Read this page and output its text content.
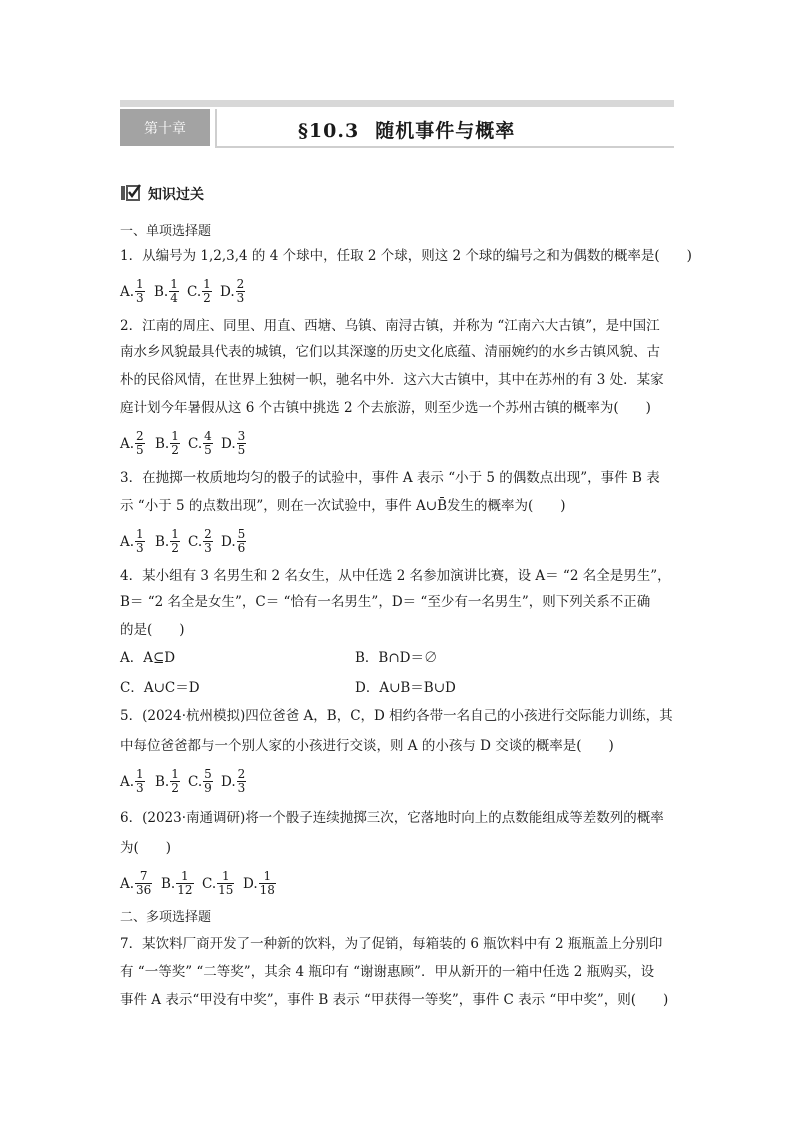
第十章	§10.3 随机事件与概率
知识过关
一、单项选择题
1．从编号为 1,2,3,4 的 4 个球中，任取 2 个球，则这 2 个球的编号之和为偶数的概率是(　　)
A. $\frac{1}{3} B$. $\frac{1}{4} C$. $\frac{1}{2} D$. $\frac{2}{3}$
2．江南的周庄、同里、用直、西塘、乌镇、南浔古镇，并称为 “江南六大古镇”，是中国江
南水乡风貌最具代表的城镇，它们以其深邃的历史文化底蕴、清丽婉约的水乡古镇风貌、古
朴的民俗风情，在世界上独树一帜，驰名中外．这六大古镇中，其中在苏州的有 3 处．某家
庭计划今年暑假从这 6 个古镇中挑选 2 个去旅游，则至少选一个苏州古镇的概率为(　　)
A. $\frac{2}{5} B$. $\frac{1}{2} C$. $\frac{4}{5} D$. $\frac{3}{5}$
3．在抛掷一枚质地均匀的骰子的试验中，事件 A 表示 “小于 5 的偶数点出现”，事件 B 表
示 “小于 5 的点数出现”，则在一次试验中，事件 A∪B̄发生的概率为(　　)
A. $\frac{1}{3} B$. $\frac{1}{2} C$. $\frac{2}{3} D$. $\frac{5}{6}$
4．某小组有 3 名男生和 2 名女生，从中任选 2 名参加演讲比赛，设 A＝ “2 名全是男生”，
B＝ “2 名全是女生”，C＝ “恰有一名男生”，D＝ “至少有一名男生”，则下列关系不正确
的是(　　)
A．A⊆D	B．B∩D＝∅
C．A∪C＝D	D．A∪B＝B∪D
5．(2024·杭州模拟)四位爸爸 A，B，C，D 相约各带一名自己的小孩进行交际能力训练，其
中每位爸爸都与一个别人家的小孩进行交谈，则 A 的小孩与 D 交谈的概率是(　　)
A. $\frac{1}{3} B$. $\frac{1}{2} C$. $\frac{5}{9} D$. $\frac{2}{3}$
6．(2023·南通调研)将一个骰子连续抛掷三次，它落地时向上的点数能组成等差数列的概率
为(　　)
A. $\frac{7}{36} B$. $\frac{1}{12} C$. $\frac{1}{15} D$. $\frac{1}{18}$
二、多项选择题
7．某饮料厂商开发了一种新的饮料，为了促销，每箱装的 6 瓶饮料中有 2 瓶瓶盖上分别印
有 “一等奖” “二等奖”，其余 4 瓶印有 “谢谢惠顾”．甲从新开的一箱中任选 2 瓶购买，设
事件 A 表示“甲没有中奖”，事件 B 表示 “甲获得一等奖”，事件 C 表示 “甲中奖”，则(　　)
